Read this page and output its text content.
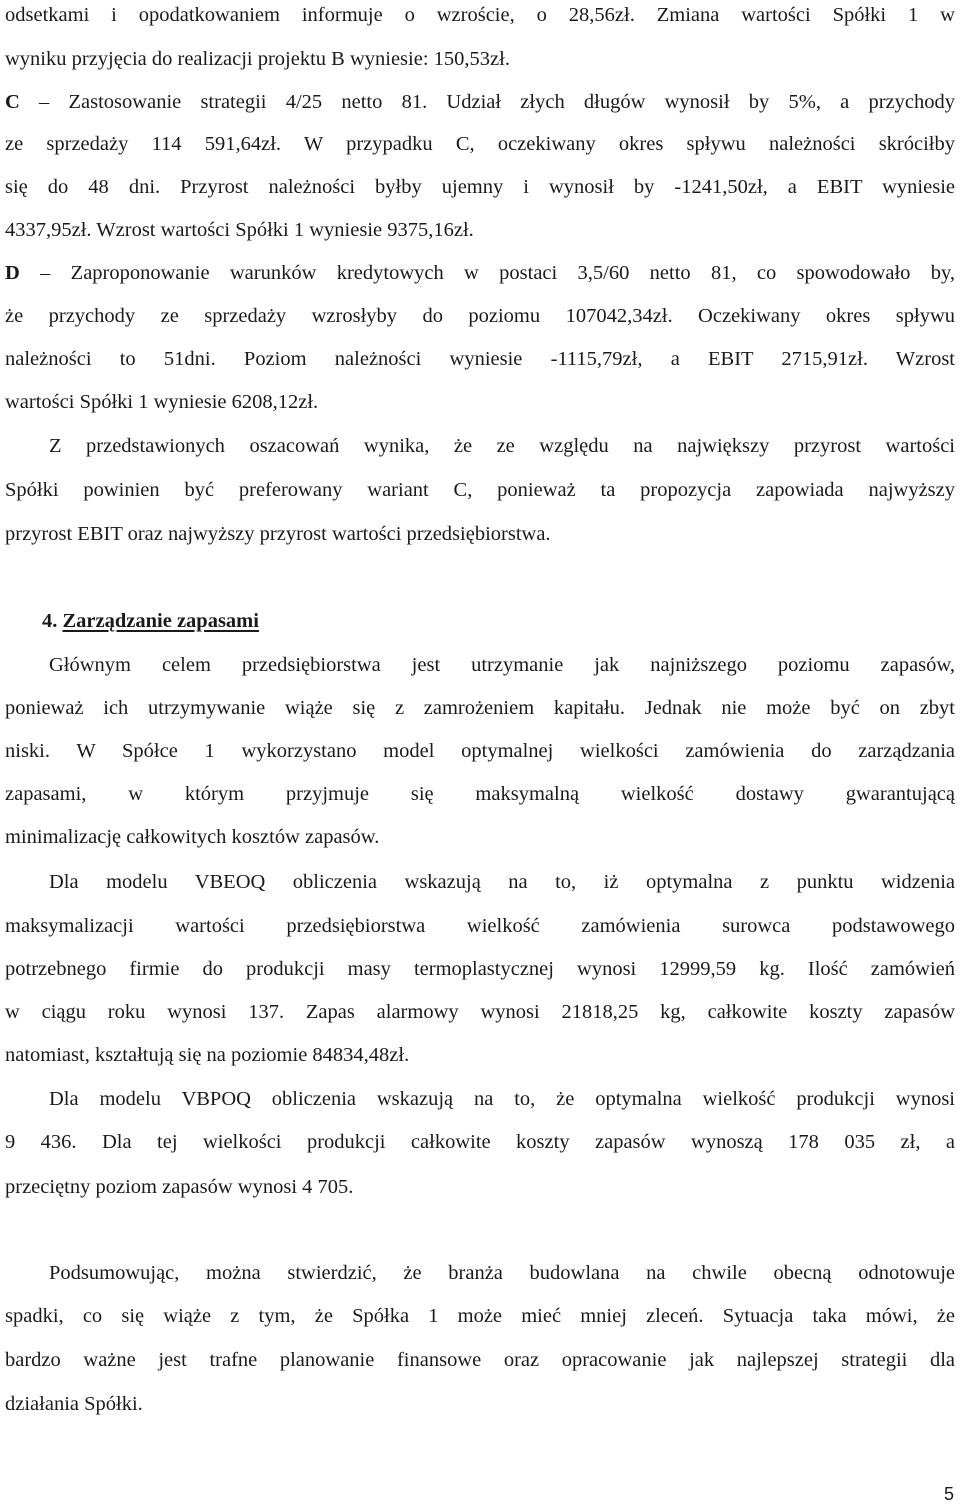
odsetkami i opodatkowaniem informuje o wzroście, o 28,56zł. Zmiana wartości Spółki 1 w
wyniku przyjęcia do realizacji projektu B wyniesie: 150,53zł.
C – Zastosowanie strategii 4/25 netto 81. Udział złych długów wynosił by 5%, a przychody
ze sprzedaży 114 591,64zł. W przypadku C, oczekiwany okres spływu należności skróciłby
się do 48 dni. Przyrost należności byłby ujemny i wynosił by -1241,50zł, a EBIT wyniesie
4337,95zł. Wzrost wartości Spółki 1 wyniesie 9375,16zł.
D – Zaproponowanie warunków kredytowych w postaci 3,5/60 netto 81, co spowodowało by,
że przychody ze sprzedaży wzrosłyby do poziomu 107042,34zł. Oczekiwany okres spływu
należności to 51dni. Poziom należności wyniesie -1115,79zł, a EBIT 2715,91zł. Wzrost
wartości Spółki 1 wyniesie 6208,12zł.
Z przedstawionych oszacowań wynika, że ze względu na największy przyrost wartości
Spółki powinien być preferowany wariant C, ponieważ ta propozycja zapowiada najwyższy
przyrost EBIT oraz najwyższy przyrost wartości przedsiębiorstwa.
4. Zarządzanie zapasami
Głównym celem przedsiębiorstwa jest utrzymanie jak najniższego poziomu zapasów,
ponieważ ich utrzymywanie wiąże się z zamrożeniem kapitału. Jednak nie może być on zbyt
niski. W Spółce 1 wykorzystano model optymalnej wielkości zamówienia do zarządzania
zapasami, w którym przyjmuje się maksymalną wielkość dostawy gwarantującą
minimalizację całkowitych kosztów zapasów.
Dla modelu VBEOQ obliczenia wskazują na to, iż optymalna z punktu widzenia
maksymalizacji wartości przedsiębiorstwa wielkość zamówienia surowca podstawowego
potrzebnego firmie do produkcji masy termoplastycznej wynosi 12999,59 kg. Ilość zamówień
w ciągu roku wynosi 137. Zapas alarmowy wynosi 21818,25 kg, całkowite koszty zapasów
natomiast, kształtują się na poziomie 84834,48zł.
Dla modelu VBPOQ obliczenia wskazują na to, że optymalna wielkość produkcji wynosi
9 436. Dla tej wielkości produkcji całkowite koszty zapasów wynoszą 178 035 zł, a
przeciętny poziom zapasów wynosi 4 705.
Podsumowując, można stwierdzić, że branża budowlana na chwile obecną odnotowuje
spadki, co się wiąże z tym, że Spółka 1 może mieć mniej zleceń. Sytuacja taka mówi, że
bardzo ważne jest trafne planowanie finansowe oraz opracowanie jak najlepszej strategii dla
działania Spółki.
5
